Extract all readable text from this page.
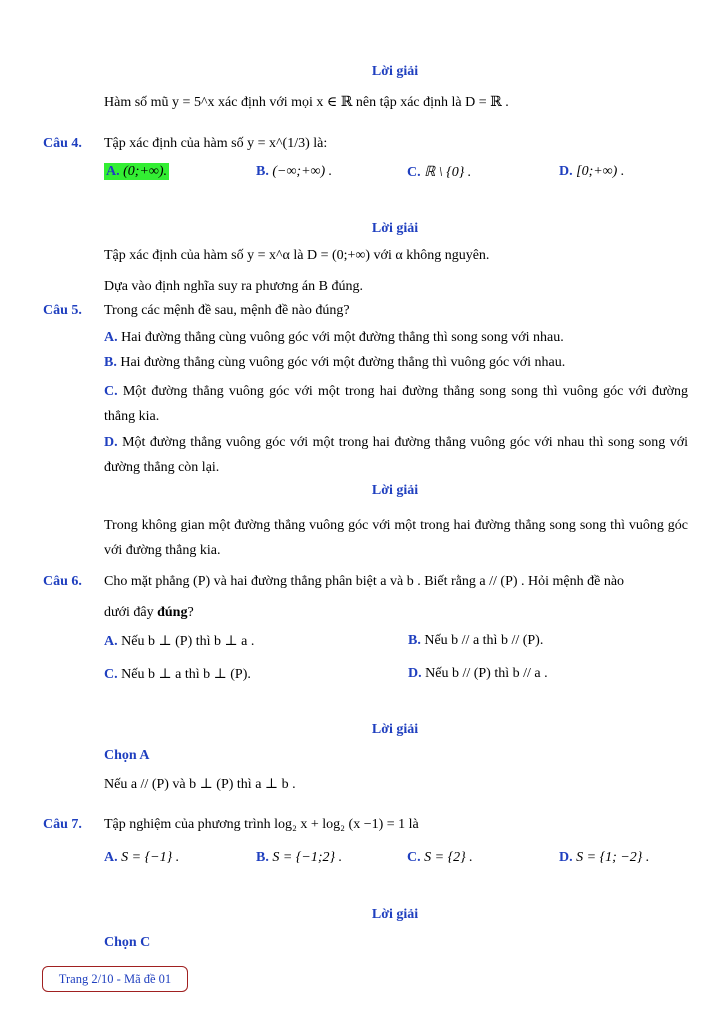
Lời giải
Hàm số mũ y = 5^x xác định với mọi x ∈ ℝ nên tập xác định là D = ℝ .
Câu 4. Tập xác định của hàm số y = x^(1/3) là:
A. (0;+∞).	B. (−∞;+∞) .	C. ℝ \ {0} .	D. [0;+∞) .
Lời giải
Tập xác định của hàm số y = x^α là D = (0;+∞) với α không nguyên.
Dựa vào định nghĩa suy ra phương án B đúng.
Câu 5. Trong các mệnh đề sau, mệnh đề nào đúng?
A. Hai đường thẳng cùng vuông góc với một đường thẳng thì song song với nhau.
B. Hai đường thẳng cùng vuông góc với một đường thẳng thì vuông góc với nhau.
C. Một đường thẳng vuông góc với một trong hai đường thẳng song song thì vuông góc với đường thẳng kia.
D. Một đường thẳng vuông góc với một trong hai đường thẳng vuông góc với nhau thì song song với đường thẳng còn lại.
Lời giải
Trong không gian một đường thẳng vuông góc với một trong hai đường thẳng song song thì vuông góc với đường thẳng kia.
Câu 6. Cho mặt phẳng (P) và hai đường thẳng phân biệt a và b . Biết rằng a // (P) . Hỏi mệnh đề nào
dưới đây đúng?
A. Nếu b ⊥ (P) thì b ⊥ a .	B. Nếu b // a thì b // (P).
C. Nếu b ⊥ a thì b ⊥ (P).	D. Nếu b // (P) thì b // a .
Lời giải
Chọn A
Nếu a // (P) và b ⊥ (P) thì a ⊥ b .
Câu 7. Tập nghiệm của phương trình log₂ x + log₂ (x −1) = 1 là
A. S = {−1} .	B. S = {−1;2} .	C. S = {2} .	D. S = {1; −2} .
Lời giải
Chọn C
Trang 2/10 - Mã đề 01
